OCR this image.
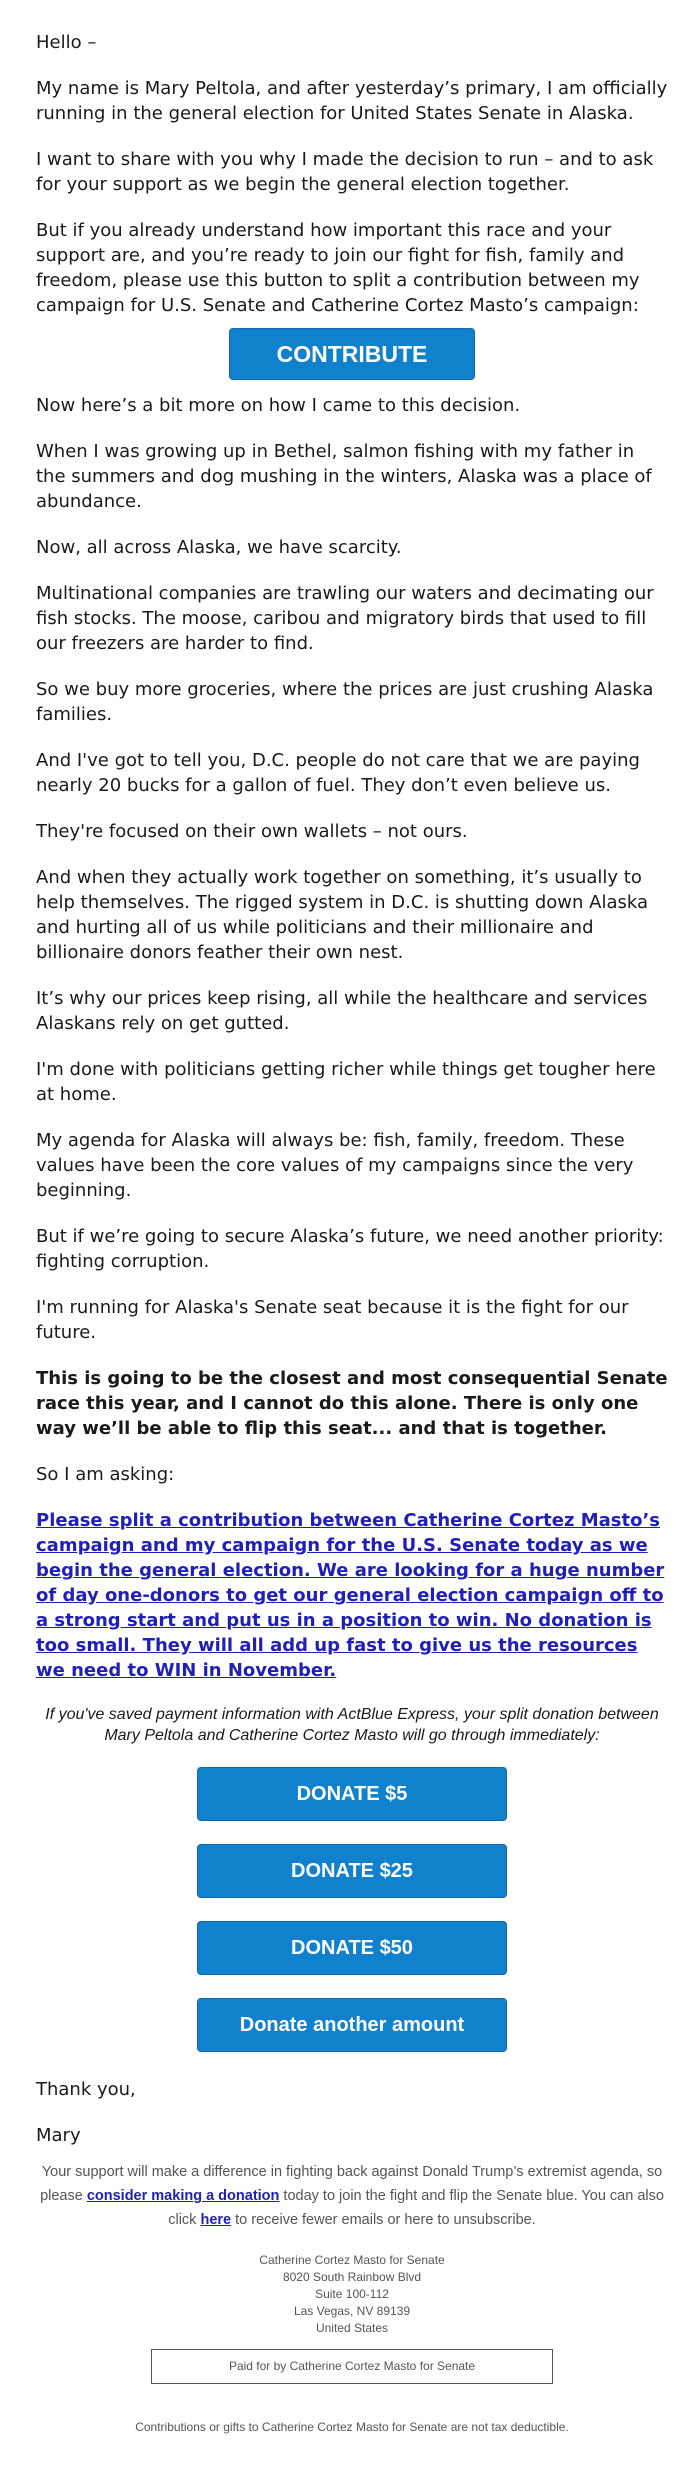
Hello –

My name is Mary Peltola, and after yesterday’s primary, I am officially running in the general election for United States Senate in Alaska.

I want to share with you why I made the decision to run – and to ask for your support as we begin the general election together.

But if you already understand how important this race and your support are, and you’re ready to join our fight for fish, family and freedom, please use this button to split a contribution between my campaign for U.S. Senate and Catherine Cortez Masto’s campaign:

CONTRIBUTE

Now here’s a bit more on how I came to this decision.

When I was growing up in Bethel, salmon fishing with my father in the summers and dog mushing in the winters, Alaska was a place of abundance.

Now, all across Alaska, we have scarcity.

Multinational companies are trawling our waters and decimating our fish stocks. The moose, caribou and migratory birds that used to fill our freezers are harder to find.

So we buy more groceries, where the prices are just crushing Alaska families.

And I've got to tell you, D.C. people do not care that we are paying nearly 20 bucks for a gallon of fuel. They don’t even believe us.

They're focused on their own wallets – not ours.

And when they actually work together on something, it’s usually to help themselves. The rigged system in D.C. is shutting down Alaska and hurting all of us while politicians and their millionaire and billionaire donors feather their own nest.

It’s why our prices keep rising, all while the healthcare and services Alaskans rely on get gutted.

I'm done with politicians getting richer while things get tougher here at home.

My agenda for Alaska will always be: fish, family, freedom. These values have been the core values of my campaigns since the very beginning.

But if we’re going to secure Alaska’s future, we need another priority: fighting corruption.

I'm running for Alaska's Senate seat because it is the fight for our future.

This is going to be the closest and most consequential Senate race this year, and I cannot do this alone. There is only one way we’ll be able to flip this seat... and that is together.

So I am asking:

Please split a contribution between Catherine Cortez Masto’s campaign and my campaign for the U.S. Senate today as we begin the general election. We are looking for a huge number of day one-donors to get our general election campaign off to a strong start and put us in a position to win. No donation is too small. They will all add up fast to give us the resources we need to WIN in November.

If you've saved payment information with ActBlue Express, your split donation between Mary Peltola and Catherine Cortez Masto will go through immediately:

DONATE $5
DONATE $25
DONATE $50
Donate another amount

Thank you,

Mary

Your support will make a difference in fighting back against Donald Trump’s extremist agenda, so please consider making a donation today to join the fight and flip the Senate blue. You can also click here to receive fewer emails or here to unsubscribe.

Catherine Cortez Masto for Senate
8020 South Rainbow Blvd
Suite 100-112
Las Vegas, NV 89139
United States
Paid for by Catherine Cortez Masto for Senate
Contributions or gifts to Catherine Cortez Masto for Senate are not tax deductible.
